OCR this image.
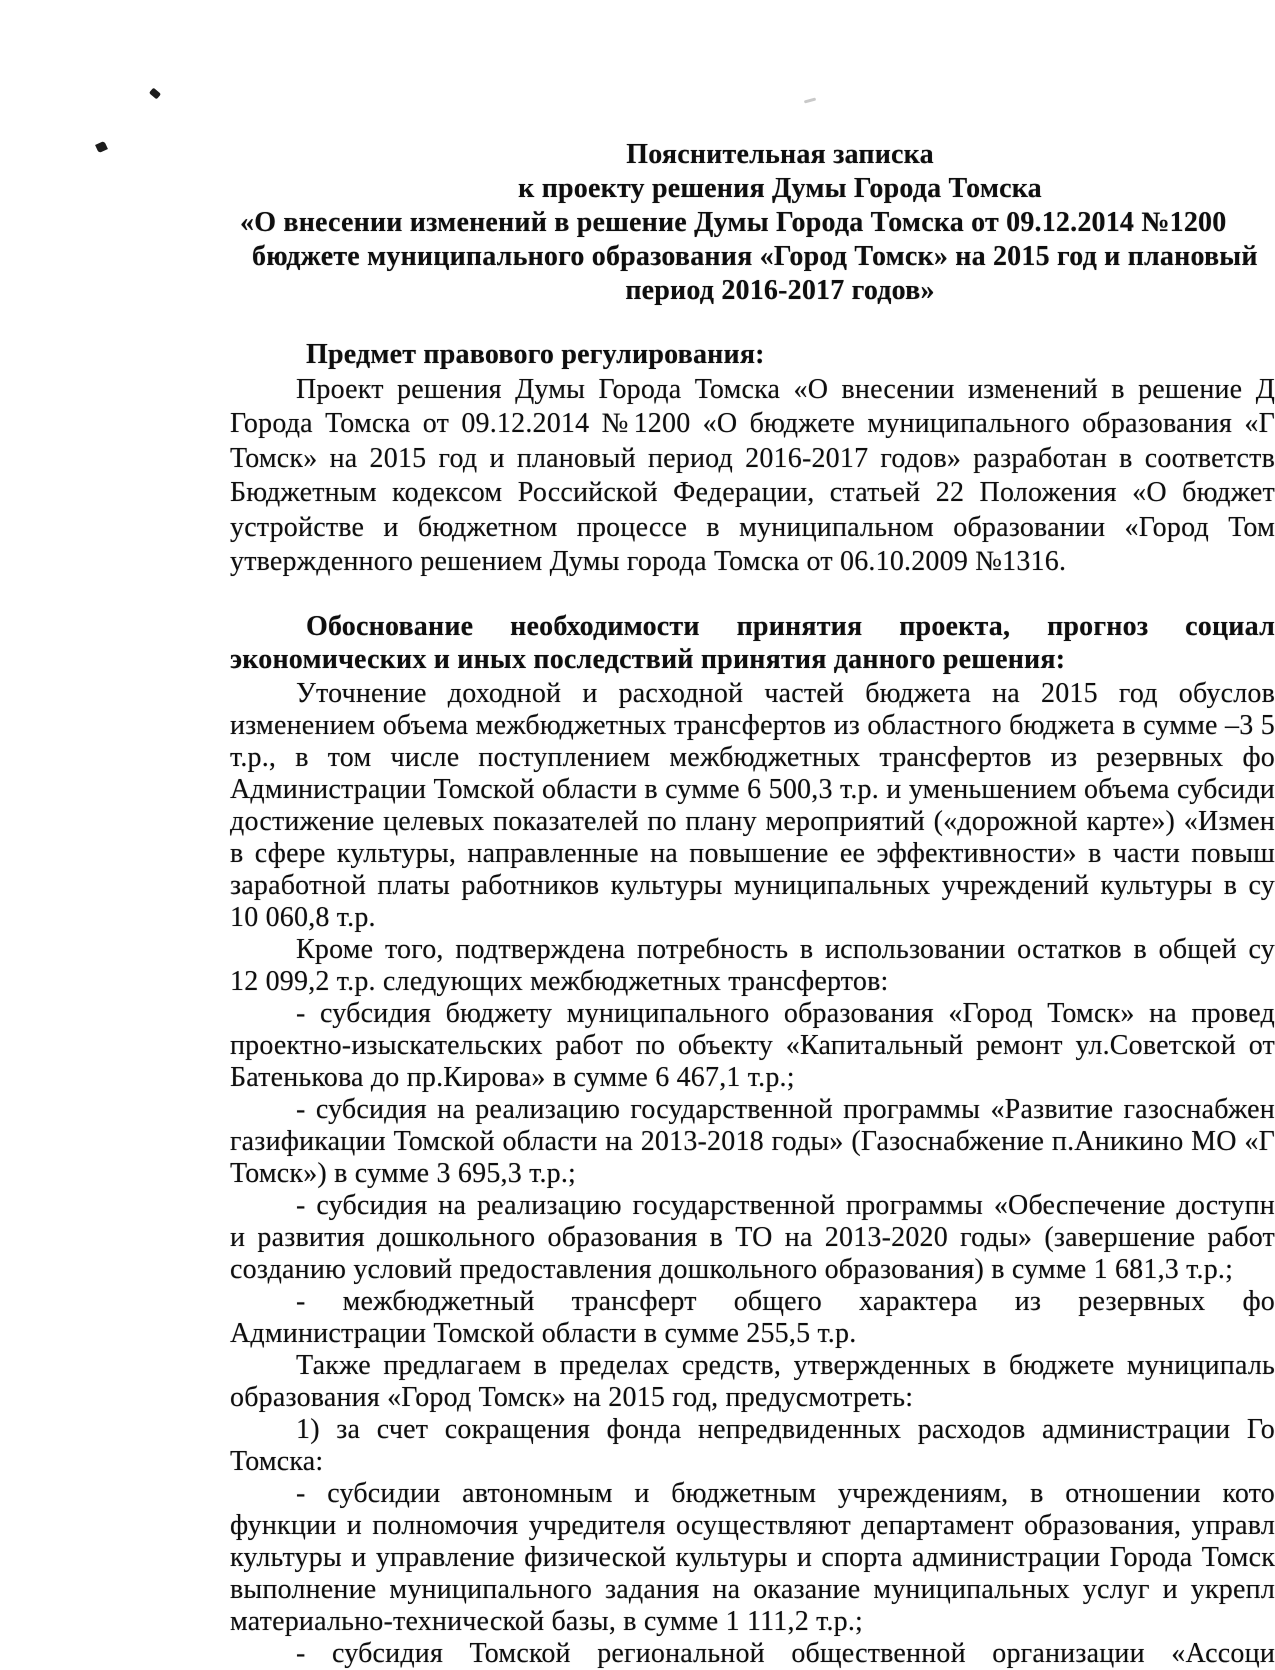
Пояснительная записка
к проекту решения Думы Города Томска
«О внесении изменений в решение Думы Города Томска от 09.12.2014 №1200
бюджете муниципального образования «Город Томск» на 2015 год и плановый
период 2016-2017 годов»
Предмет правового регулирования:
Проект решения Думы Города Томска «О внесении изменений в решение Д
Города Томска от 09.12.2014 №1200 «О бюджете муниципального образования «Г
Томск» на 2015 год и плановый период 2016-2017 годов» разработан в соответств
Бюджетным кодексом Российской Федерации, статьей 22 Положения «О бюджет
устройстве и бюджетном процессе в муниципальном образовании «Город Том
утвержденного решением Думы города Томска от 06.10.2009 №1316.
Обоснование необходимости принятия проекта, прогноз социал
экономических и иных последствий принятия данного решения:
Уточнение доходной и расходной частей бюджета на 2015 год обуслов
изменением объема межбюджетных трансфертов из областного бюджета в сумме –3 5
т.р., в том числе поступлением межбюджетных трансфертов из резервных фо
Администрации Томской области в сумме 6 500,3 т.р. и уменьшением объема субсиди
достижение целевых показателей по плану мероприятий («дорожной карте») «Измен
в сфере культуры, направленные на повышение ее эффективности» в части повыш
заработной платы работников культуры муниципальных учреждений культуры в су
10 060,8 т.р.
Кроме того, подтверждена потребность в использовании остатков в общей су
12 099,2 т.р. следующих межбюджетных трансфертов:
- субсидия бюджету муниципального образования «Город Томск» на провед
проектно-изыскательских работ по объекту «Капитальный ремонт ул.Советской от
Батенькова до пр.Кирова» в сумме 6 467,1 т.р.;
- субсидия на реализацию государственной программы «Развитие газоснабжен
газификации Томской области на 2013-2018 годы» (Газоснабжение п.Аникино МО «Г
Томск») в сумме 3 695,3 т.р.;
- субсидия на реализацию государственной программы «Обеспечение доступн
и развития дошкольного образования в ТО на 2013-2020 годы» (завершение работ
созданию условий предоставления дошкольного образования) в сумме 1 681,3 т.р.;
- межбюджетный трансферт общего характера из резервных фо
Администрации Томской области в сумме 255,5 т.р.
Также предлагаем в пределах средств, утвержденных в бюджете муниципаль
образования «Город Томск» на 2015 год, предусмотреть:
1) за счет сокращения фонда непредвиденных расходов администрации Го
Томска:
- субсидии автономным и бюджетным учреждениям, в отношении кото
функции и полномочия учредителя осуществляют департамент образования, управл
культуры и управление физической культуры и спорта администрации Города Томск
выполнение муниципального задания на оказание муниципальных услуг и укрепл
материально-технической базы, в сумме 1 111,2 т.р.;
- субсидия Томской региональной общественной организации «Ассоци
